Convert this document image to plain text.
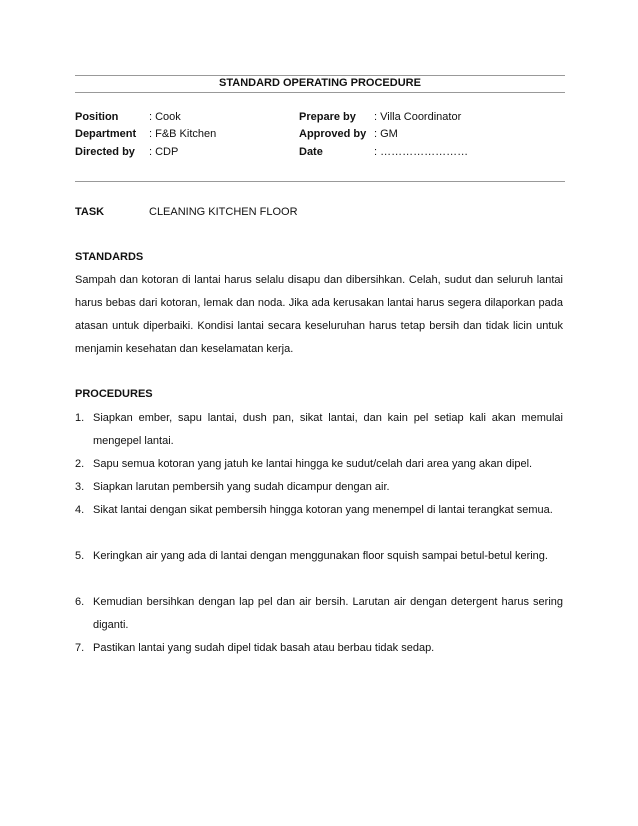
STANDARD OPERATING PROCEDURE
Position	: Cook
Department : F&B Kitchen
Directed by : CDP
Prepare by : Villa Coordinator
Approved by : GM
Date	: ……………………
TASK	CLEANING KITCHEN FLOOR
STANDARDS
Sampah dan kotoran di lantai harus selalu disapu dan dibersihkan. Celah, sudut dan seluruh lantai harus bebas dari kotoran, lemak dan noda. Jika ada kerusakan lantai harus segera dilaporkan pada atasan untuk diperbaiki. Kondisi lantai secara keseluruhan harus tetap bersih dan tidak licin untuk menjamin kesehatan dan keselamatan kerja.
PROCEDURES
1. Siapkan ember, sapu lantai, dush pan, sikat lantai, dan kain pel setiap kali akan memulai mengepel lantai.
2. Sapu semua kotoran yang jatuh ke lantai hingga ke sudut/celah dari area yang akan dipel.
3. Siapkan larutan pembersih yang sudah dicampur dengan air.
4. Sikat lantai dengan sikat pembersih hingga kotoran yang menempel di lantai terangkat semua.
5. Keringkan air yang ada di lantai dengan menggunakan floor squish sampai betul-betul kering.
6. Kemudian bersihkan dengan lap pel dan air bersih. Larutan air dengan detergent harus sering diganti.
7. Pastikan lantai yang sudah dipel tidak basah atau berbau tidak sedap.
